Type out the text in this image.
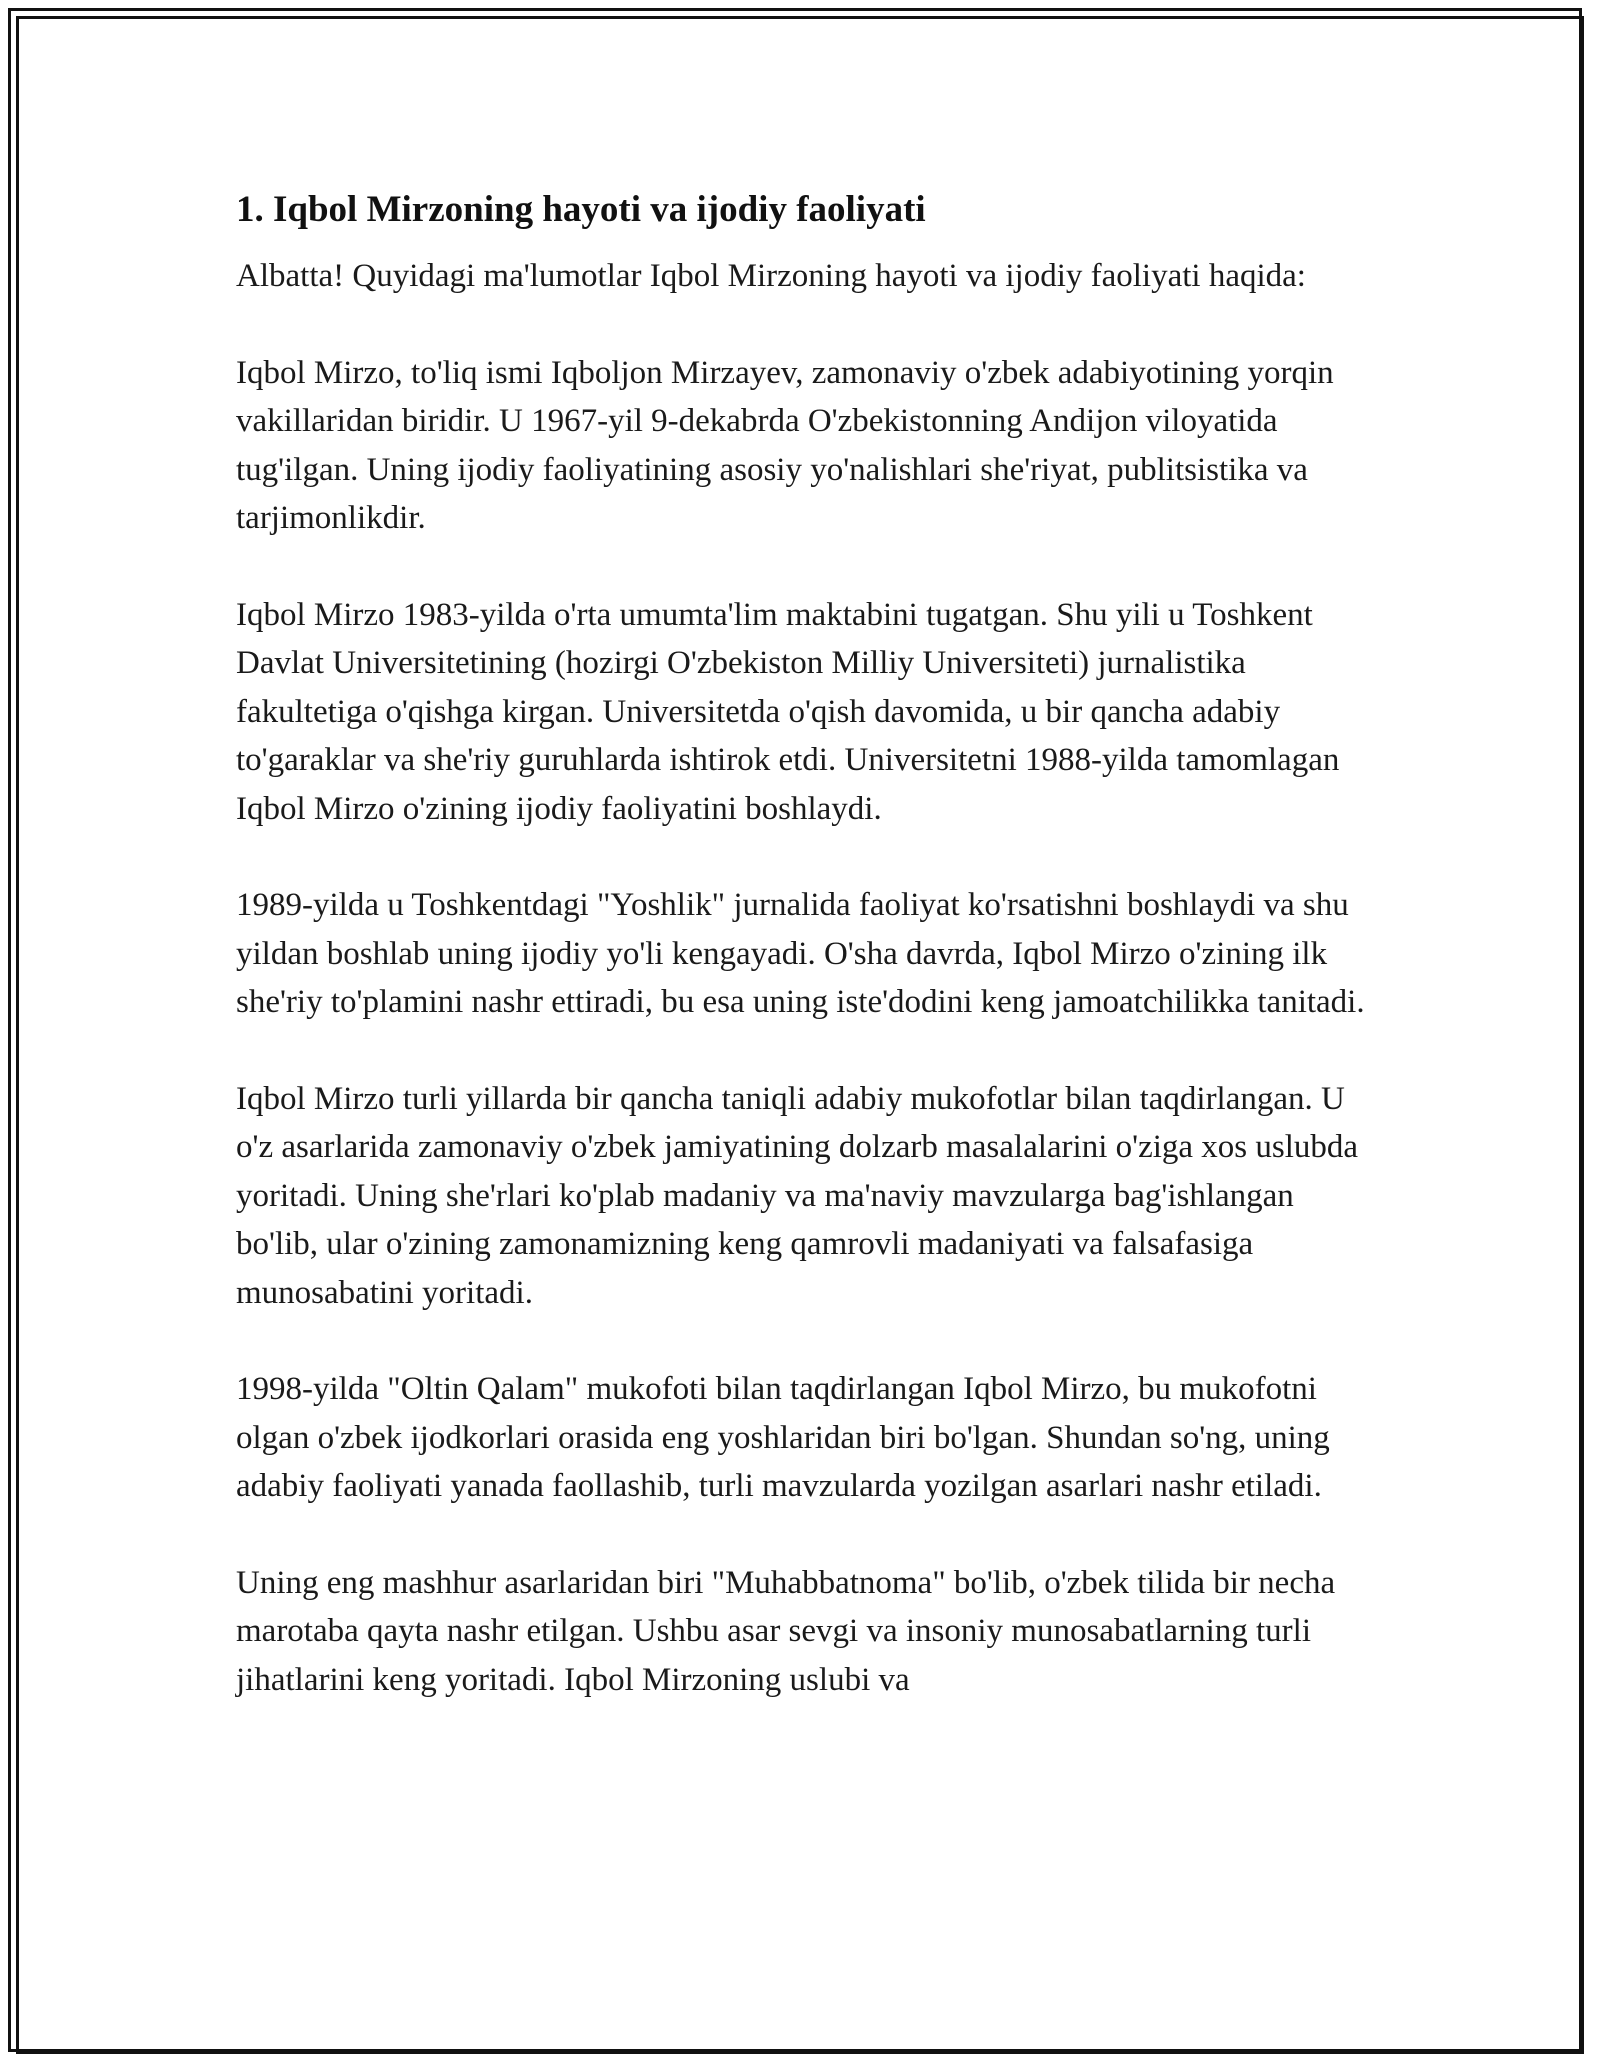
1. Iqbol Mirzoning hayoti va ijodiy faoliyati

Albatta! Quyidagi ma'lumotlar Iqbol Mirzoning hayoti va ijodiy faoliyati haqida:

Iqbol Mirzo, to'liq ismi Iqboljon Mirzayev, zamonaviy o'zbek adabiyotining yorqin vakillaridan biridir. U 1967-yil 9-dekabrda O'zbekistonning Andijon viloyatida tug'ilgan. Uning ijodiy faoliyatining asosiy yo'nalishlari she'riyat, publitsistika va tarjimonlikdir.

Iqbol Mirzo 1983-yilda o'rta umumta'lim maktabini tugatgan. Shu yili u Toshkent Davlat Universitetining (hozirgi O'zbekiston Milliy Universiteti) jurnalistika fakultetiga o'qishga kirgan. Universitetda o'qish davomida, u bir qancha adabiy to'garaklar va she'riy guruhlarda ishtirok etdi. Universitetni 1988-yilda tamomlagan Iqbol Mirzo o'zining ijodiy faoliyatini boshlaydi.

1989-yilda u Toshkentdagi "Yoshlik" jurnalida faoliyat ko'rsatishni boshlaydi va shu yildan boshlab uning ijodiy yo'li kengayadi. O'sha davrda, Iqbol Mirzo o'zining ilk she'riy to'plamini nashr ettiradi, bu esa uning iste'dodini keng jamoatchilikka tanitadi.

Iqbol Mirzo turli yillarda bir qancha taniqli adabiy mukofotlar bilan taqdirlangan. U o'z asarlarida zamonaviy o'zbek jamiyatining dolzarb masalalarini o'ziga xos uslubda yoritadi. Uning she'rlari ko'plab madaniy va ma'naviy mavzularga bag'ishlangan bo'lib, ular o'zining zamonamizning keng qamrovli madaniyati va falsafasiga munosabatini yoritadi.

1998-yilda "Oltin Qalam" mukofoti bilan taqdirlangan Iqbol Mirzo, bu mukofotni olgan o'zbek ijodkorlari orasida eng yoshlaridan biri bo'lgan. Shundan so'ng, uning adabiy faoliyati yanada faollashib, turli mavzularda yozilgan asarlari nashr etiladi.

Uning eng mashhur asarlaridan biri "Muhabbatnoma" bo'lib, o'zbek tilida bir necha marotaba qayta nashr etilgan. Ushbu asar sevgi va insoniy munosabatlarning turli jihatlarini keng yoritadi. Iqbol Mirzoning uslubi va
